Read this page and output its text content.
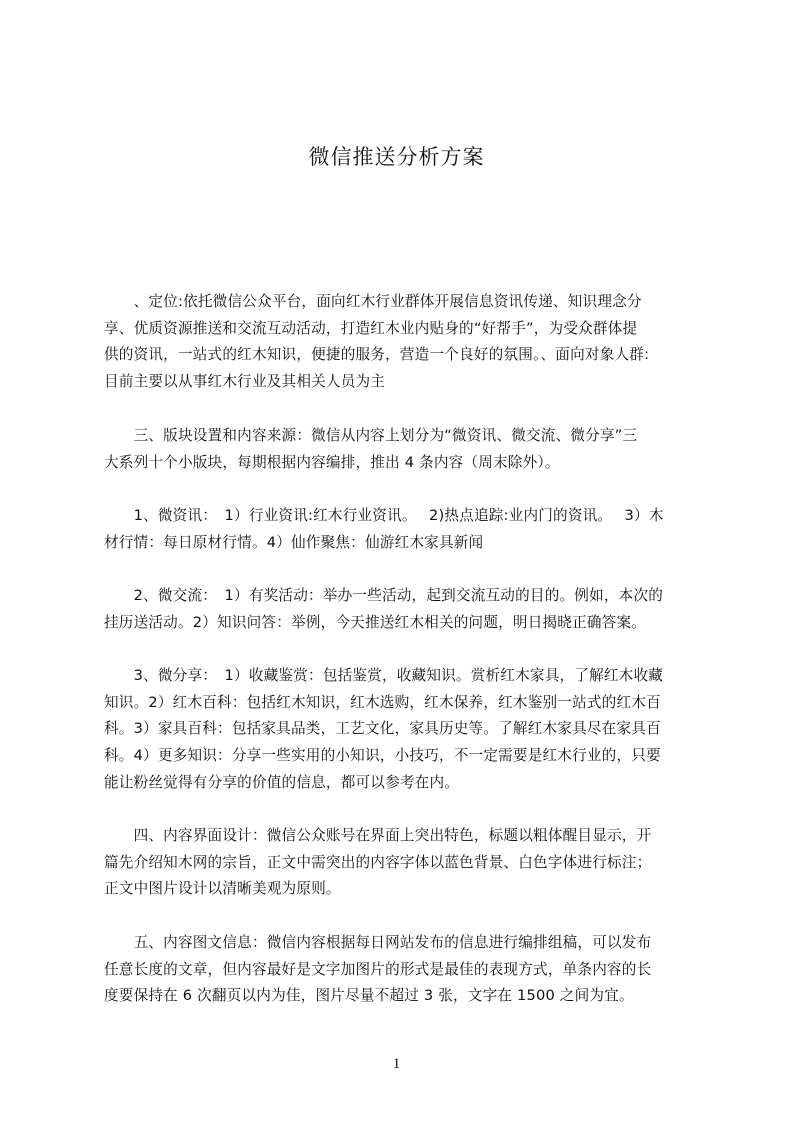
微信推送分析方案
　　、定位:依托微信公众平台，面向红木行业群体开展信息资讯传递、知识理念分
享、优质资源推送和交流互动活动，打造红木业内贴身的“好帮手”，为受众群体提
供的资讯，一站式的红木知识，便捷的服务，营造一个良好的氛围。、面向对象人群:
目前主要以从事红木行业及其相关人员为主
　　三、版块设置和内容来源：微信从内容上划分为“微资讯、微交流、微分享”三
大系列十个小版块，每期根据内容编排，推出 4 条内容（周末除外）。
　　1、微资讯：　1）行业资讯:红木行业资讯。　 2)热点追踪:业内门的资讯。　 3）木
材行情：每日原材行情。4）仙作聚焦：仙游红木家具新闻
　　2、微交流：　1）有奖活动：举办一些活动，起到交流互动的目的。例如，本次的
挂历送活动。2）知识问答：举例，今天推送红木相关的问题，明日揭晓正确答案。
　　3、微分享：　1）收藏鉴赏：包括鉴赏，收藏知识。赏析红木家具，了解红木收藏
知识。2）红木百科：包括红木知识，红木选购，红木保养，红木鉴别一站式的红木百
科。3）家具百科：包括家具品类，工艺文化，家具历史等。了解红木家具尽在家具百
科。4）更多知识：分享一些实用的小知识，小技巧，不一定需要是红木行业的，只要
能让粉丝觉得有分享的价值的信息，都可以参考在内。
　　四、内容界面设计：微信公众账号在界面上突出特色，标题以粗体醒目显示，开
篇先介绍知木网的宗旨，正文中需突出的内容字体以蓝色背景、白色字体进行标注；
正文中图片设计以清晰美观为原则。
　　五、内容图文信息：微信内容根据每日网站发布的信息进行编排组稿，可以发布
任意长度的文章，但内容最好是文字加图片的形式是最佳的表现方式，单条内容的长
度要保持在 6 次翻页以内为佳，图片尽量不超过 3 张，文字在 1500 之间为宜。
1
